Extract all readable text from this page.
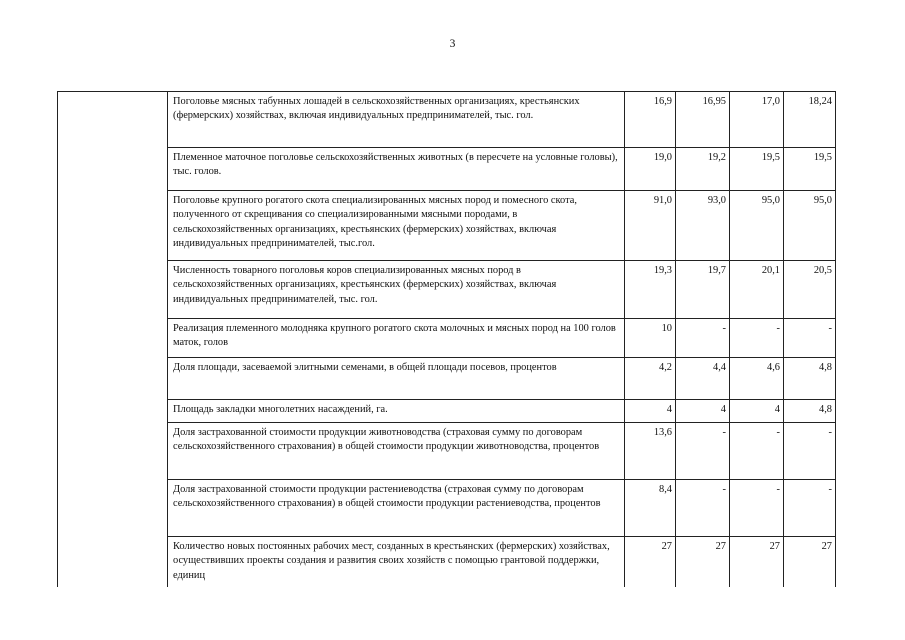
3
	Поголовье мясных табунных лошадей в сельскохозяйственных организациях, крестьянских (фермерских) хозяйствах, включая индивидуальных предпринимателей, тыс. гол.	16,9	16,95	17,0	18,24
	Племенное маточное поголовье сельскохозяйственных животных (в пересчете на условные головы), тыс. голов.	19,0	19,2	19,5	19,5
	Поголовье крупного рогатого скота специализированных мясных пород и помесного скота, полученного от скрещивания со специализированными мясными породами, в сельскохозяйственных организациях, крестьянских (фермерских) хозяйствах, включая индивидуальных предпринимателей, тыс.гол.	91,0	93,0	95,0	95,0
	Численность товарного поголовья коров специализированных мясных пород в сельскохозяйственных организациях, крестьянских (фермерских) хозяйствах, включая индивидуальных предпринимателей, тыс. гол.	19,3	19,7	20,1	20,5
	Реализация племенного молодняка крупного рогатого скота молочных и мясных пород на 100 голов маток, голов	10	-	-	-
	Доля площади, засеваемой элитными семенами, в общей площади посевов, процентов	4,2	4,4	4,6	4,8
	Площадь закладки многолетних насаждений, га.	4	4	4	4,8
	Доля застрахованной стоимости продукции животноводства (страховая сумму по договорам сельскохозяйственного страхования) в общей стоимости продукции животноводства, процентов	13,6	-	-	-
	Доля застрахованной стоимости продукции растениеводства (страховая сумму по договорам сельскохозяйственного страхования) в общей стоимости продукции растениеводства, процентов	8,4	-	-	-
	Количество новых постоянных рабочих мест, созданных в крестьянских (фермерских) хозяйствах, осуществивших проекты создания и развития своих хозяйств с помощью грантовой поддержки, единиц	27	27	27	27
